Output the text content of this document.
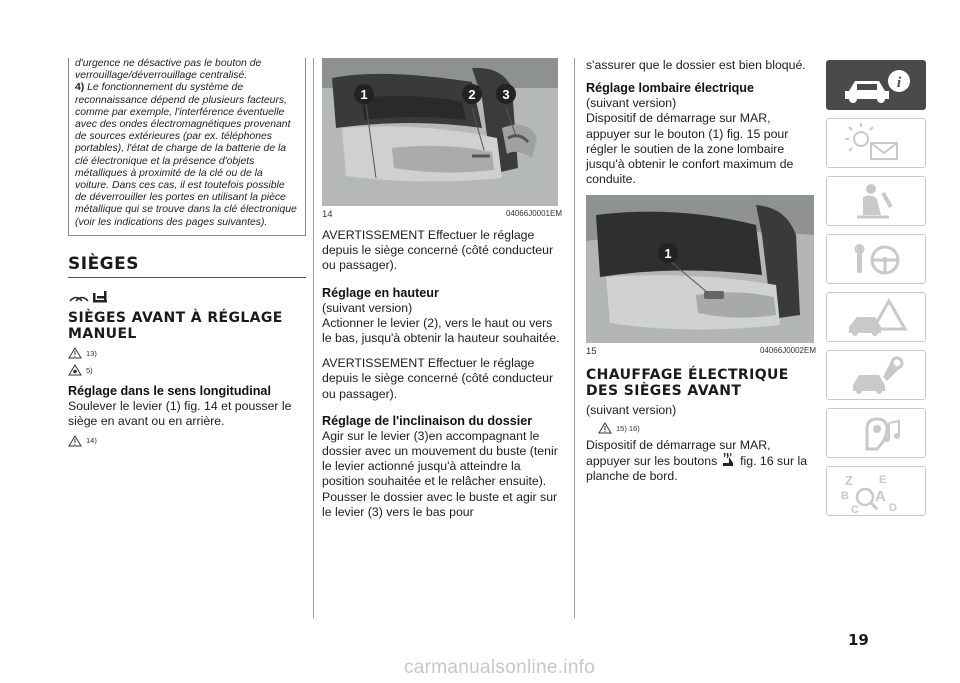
d'urgence ne désactive pas le bouton de verrouillage/déverrouillage centralisé.

4) Le fonctionnement du système de reconnaissance dépend de plusieurs facteurs, comme par exemple, l'interférence éventuelle avec des ondes électromagnétiques provenant de sources extérieures (par ex. téléphones portables), l'état de charge de la batterie de la clé électronique et la présence d'objets métalliques à proximité de la clé ou de la voiture. Dans ces cas, il est toutefois possible de déverrouiller les portes en utilisant la pièce métallique qui se trouve dans la clé électronique (voir les indications des pages suivantes).

SIÈGES
SIÈGES AVANT À RÉGLAGE MANUEL
13)
5)
Réglage dans le sens longitudinal

Soulever le levier (1) fig. 14 et pousser le siège en avant ou en arrière.

14)
1	2 3
14	04066J0001EM

AVERTISSEMENT Effectuer le réglage depuis le siège concerné (côté conducteur ou passager).

Réglage en hauteur

(suivant version)

Actionner le levier (2), vers le haut ou vers le bas, jusqu'à obtenir la hauteur souhaitée.

AVERTISSEMENT Effectuer le réglage depuis le siège concerné (côté conducteur ou passager).

Réglage de l'inclinaison du dossier

Agir sur le levier (3)en accompagnant le dossier avec un mouvement du buste (tenir le levier actionné jusqu'à atteindre la position souhaitée et le relâcher ensuite).

Pousser le dossier avec le buste et agir sur le levier (3) vers le bas pour

s'assurer que le dossier est bien bloqué.

Réglage lombaire électrique

(suivant version)

Dispositif de démarrage sur MAR, appuyer sur le bouton (1) fig. 15 pour régler le soutien de la zone lombaire jusqu'à obtenir le confort maximum de conduite.

1
15	04066J0002EM
CHAUFFAGE ÉLECTRIQUE DES SIÈGES AVANT

(suivant version)

15) 16)

Dispositif de démarrage sur MAR, appuyer sur les boutons fig. 16 sur la planche de bord.

i
Z E
B A
C	D
19
carmanualsonline.info
